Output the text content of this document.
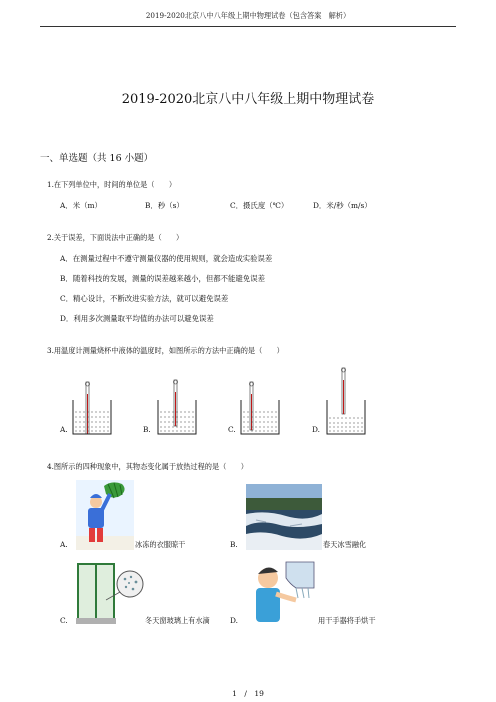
2019-2020北京八中八年级上期中物理试卷（包含答案　解析）
2019-2020北京八中八年级上期中物理试卷
一、单选题（共 16 小题）
1.在下列单位中，时间的单位是（　　）
A．米（m）	B．秒（s）	C．摄氏度（℃）	D．米/秒（m/s）
2.关于误差，下面说法中正确的是（　　）
A．在测量过程中不遵守测量仪器的使用规则，就会造成实验误差
B．随着科技的发展，测量的误差越来越小，但都不能避免误差
C．精心设计，不断改进实验方法，就可以避免误差
D．利用多次测量取平均值的办法可以避免误差
3.用温度计测量烧杯中液体的温度时，如图所示的方法中正确的是（　　）
A.	B.	C.	D.
4.图所示的四种现象中，其物态变化属于放热过程的是（　　）
A.	冰冻的衣服晾干	B.	春天冰雪融化
C.	冬天窗玻璃上有水滴	D.	用干手器将手烘干
1　/　19
